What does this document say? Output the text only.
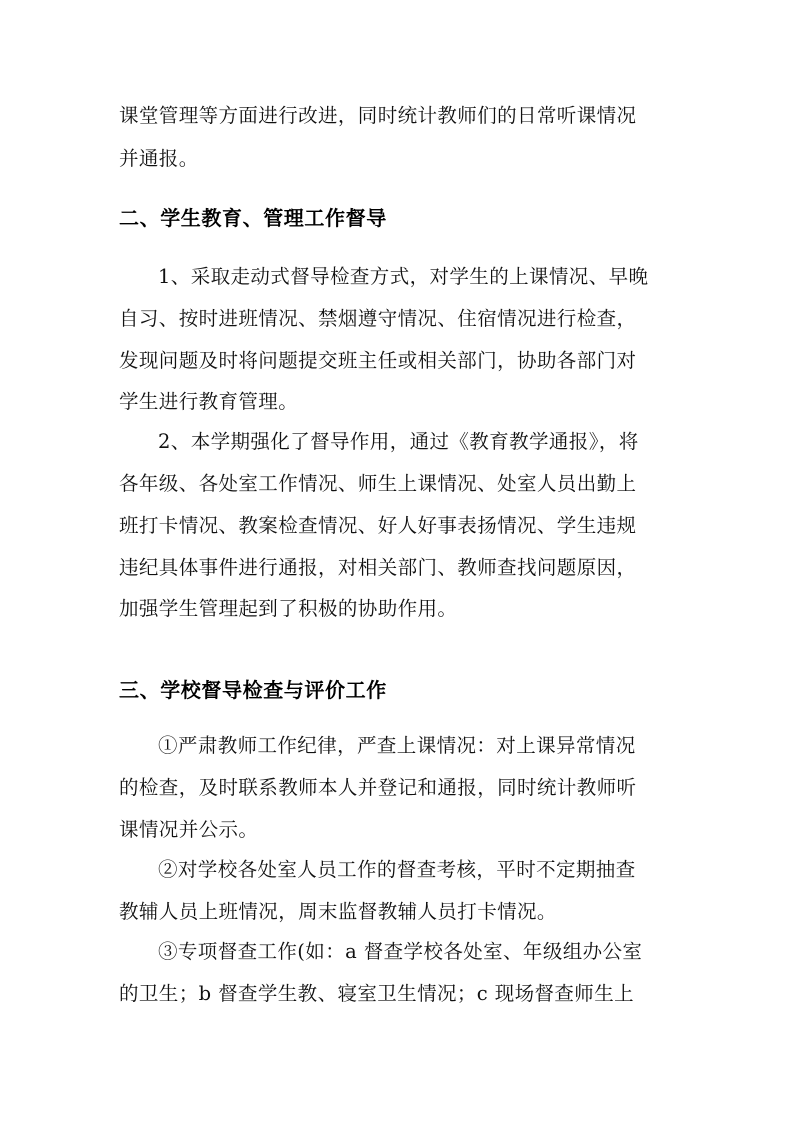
课堂管理等方面进行改进，同时统计教师们的日常听课情况
并通报。
二、学生教育、管理工作督导
1、采取走动式督导检查方式，对学生的上课情况、早晚
自习、按时进班情况、禁烟遵守情况、住宿情况进行检查，
发现问题及时将问题提交班主任或相关部门，协助各部门对
学生进行教育管理。
2、本学期强化了督导作用，通过《教育教学通报》，将
各年级、各处室工作情况、师生上课情况、处室人员出勤上
班打卡情况、教案检查情况、好人好事表扬情况、学生违规
违纪具体事件进行通报，对相关部门、教师查找问题原因，
加强学生管理起到了积极的协助作用。
三、学校督导检查与评价工作
①严肃教师工作纪律，严查上课情况：对上课异常情况
的检查，及时联系教师本人并登记和通报，同时统计教师听
课情况并公示。
②对学校各处室人员工作的督查考核，平时不定期抽查
教辅人员上班情况，周末监督教辅人员打卡情况。
③专项督查工作(如：a 督查学校各处室、年级组办公室
的卫生；b 督查学生教、寝室卫生情况；c 现场督查师生上
